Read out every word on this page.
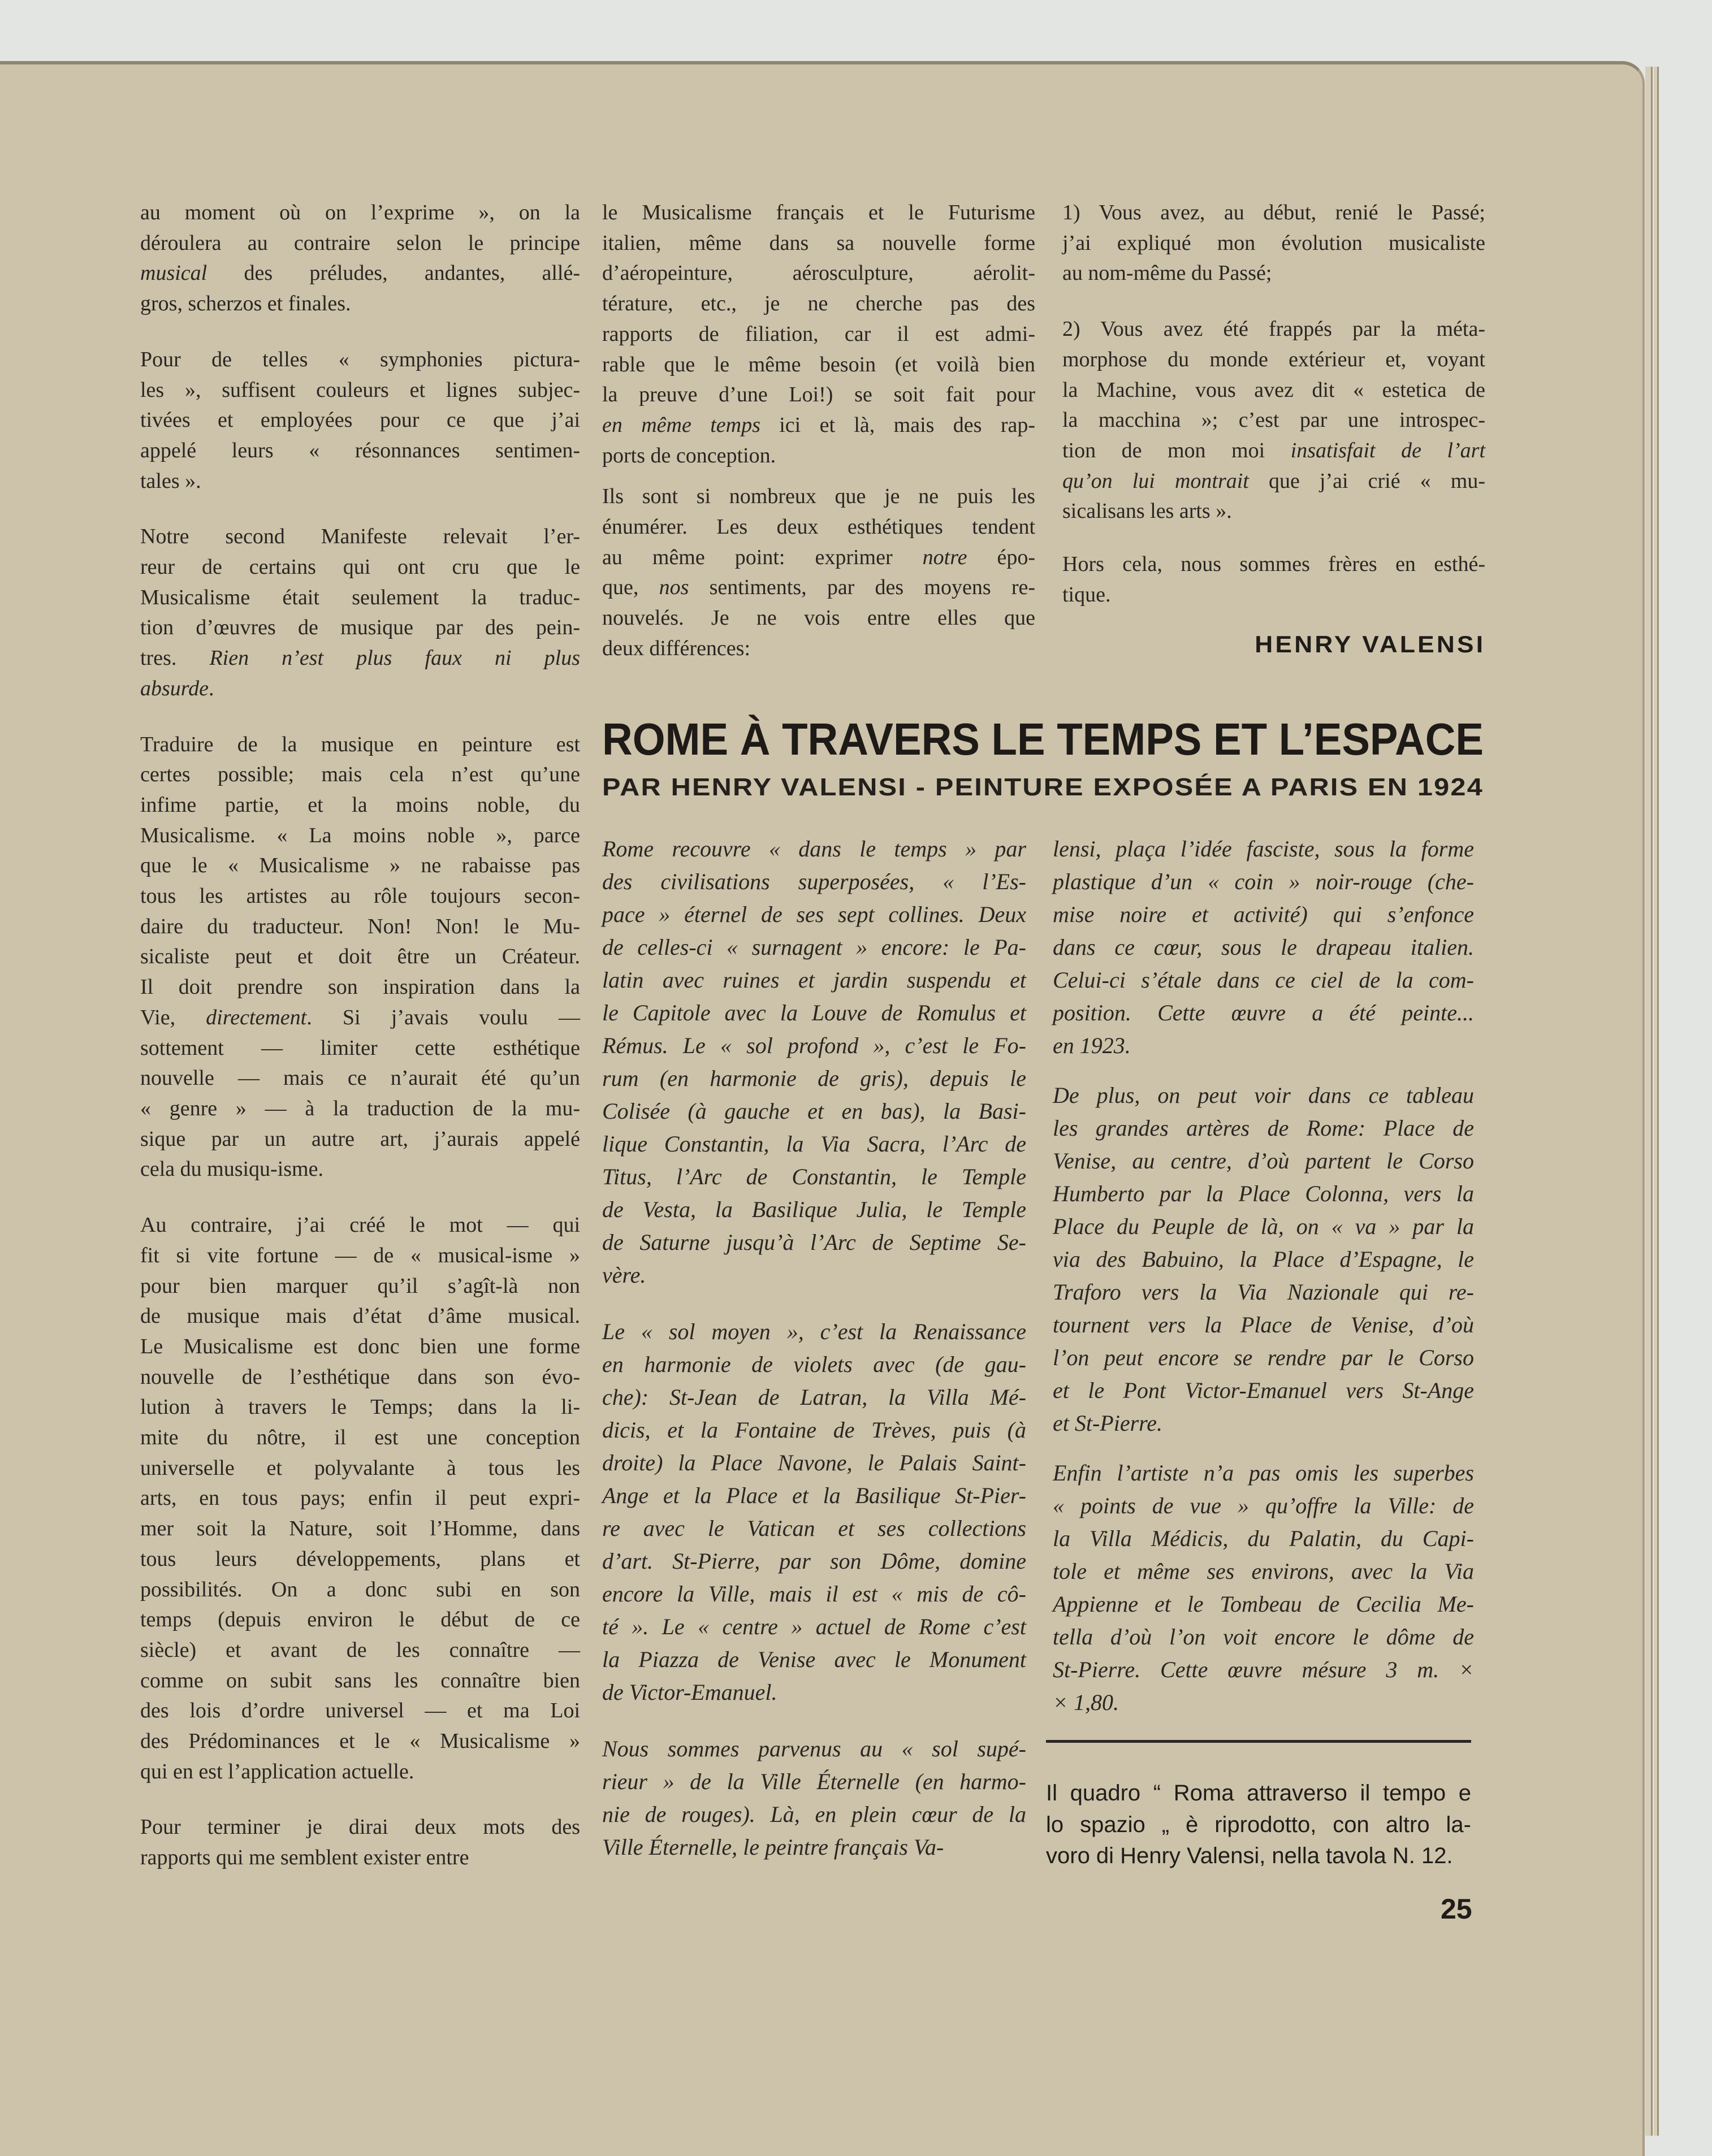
au moment où on l’exprime », on la
déroulera au contraire selon le principe
musical des préludes, andantes, allé-
gros, scherzos et finales.
Pour de telles « symphonies pictura-
les », suffisent couleurs et lignes subjec-
tivées et employées pour ce que j’ai
appelé leurs « résonnances sentimen-
tales ».
Notre second Manifeste relevait l’er-
reur de certains qui ont cru que le
Musicalisme était seulement la traduc-
tion d’œuvres de musique par des pein-
tres. Rien n’est plus faux ni plus
absurde.
Traduire de la musique en peinture est
certes possible; mais cela n’est qu’une
infime partie, et la moins noble, du
Musicalisme. « La moins noble », parce
que le « Musicalisme » ne rabaisse pas
tous les artistes au rôle toujours secon-
daire du traducteur. Non! Non! le Mu-
sicaliste peut et doit être un Créateur.
Il doit prendre son inspiration dans la
Vie, directement. Si j’avais voulu —
sottement — limiter cette esthétique
nouvelle — mais ce n’aurait été qu’un
« genre » — à la traduction de la mu-
sique par un autre art, j’aurais appelé
cela du musiqu-isme.
Au contraire, j’ai créé le mot — qui
fit si vite fortune — de « musical-isme »
pour bien marquer qu’il s’agît-là non
de musique mais d’état d’âme musical.
Le Musicalisme est donc bien une forme
nouvelle de l’esthétique dans son évo-
lution à travers le Temps; dans la li-
mite du nôtre, il est une conception
universelle et polyvalante à tous les
arts, en tous pays; enfin il peut expri-
mer soit la Nature, soit l’Homme, dans
tous leurs développements, plans et
possibilités. On a donc subi en son
temps (depuis environ le début de ce
siècle) et avant de les connaître —
comme on subit sans les connaître bien
des lois d’ordre universel — et ma Loi
des Prédominances et le « Musicalisme »
qui en est l’application actuelle.
Pour terminer je dirai deux mots des
rapports qui me semblent exister entre
le Musicalisme français et le Futurisme
italien, même dans sa nouvelle forme
d’aéropeinture, aérosculpture, aérolit-
térature, etc., je ne cherche pas des
rapports de filiation, car il est admi-
rable que le même besoin (et voilà bien
la preuve d’une Loi!) se soit fait pour
en même temps ici et là, mais des rap-
ports de conception.
Ils sont si nombreux que je ne puis les
énumérer. Les deux esthétiques tendent
au même point: exprimer notre épo-
que, nos sentiments, par des moyens re-
nouvelés. Je ne vois entre elles que
deux différences:
1) Vous avez, au début, renié le Passé;
j’ai expliqué mon évolution musicaliste
au nom-même du Passé;
2) Vous avez été frappés par la méta-
morphose du monde extérieur et, voyant
la Machine, vous avez dit « estetica de
la macchina »; c’est par une introspec-
tion de mon moi insatisfait de l’art
qu’on lui montrait que j’ai crié « mu-
sicalisans les arts ».
Hors cela, nous sommes frères en esthé-
tique.
HENRY VALENSI
ROME À TRAVERS LE TEMPS ET L’ESPACE
PAR HENRY VALENSI - PEINTURE EXPOSÉE A PARIS EN 1924
Rome recouvre « dans le temps » par
des civilisations superposées, « l’Es-
pace » éternel de ses sept collines. Deux
de celles-ci « surnagent » encore: le Pa-
latin avec ruines et jardin suspendu et
le Capitole avec la Louve de Romulus et
Rémus. Le « sol profond », c’est le Fo-
rum (en harmonie de gris), depuis le
Colisée (à gauche et en bas), la Basi-
lique Constantin, la Via Sacra, l’Arc de
Titus, l’Arc de Constantin, le Temple
de Vesta, la Basilique Julia, le Temple
de Saturne jusqu’à l’Arc de Septime Se-
vère.
Le « sol moyen », c’est la Renaissance
en harmonie de violets avec (de gau-
che): St-Jean de Latran, la Villa Mé-
dicis, et la Fontaine de Trèves, puis (à
droite) la Place Navone, le Palais Saint-
Ange et la Place et la Basilique St-Pier-
re avec le Vatican et ses collections
d’art. St-Pierre, par son Dôme, domine
encore la Ville, mais il est « mis de cô-
té ». Le « centre » actuel de Rome c’est
la Piazza de Venise avec le Monument
de Victor-Emanuel.
Nous sommes parvenus au « sol supé-
rieur » de la Ville Éternelle (en harmo-
nie de rouges). Là, en plein cœur de la
Ville Éternelle, le peintre français Va-
lensi, plaça l’idée fasciste, sous la forme
plastique d’un « coin » noir-rouge (che-
mise noire et activité) qui s’enfonce
dans ce cœur, sous le drapeau italien.
Celui-ci s’étale dans ce ciel de la com-
position. Cette œuvre a été peinte...
en 1923.
De plus, on peut voir dans ce tableau
les grandes artères de Rome: Place de
Venise, au centre, d’où partent le Corso
Humberto par la Place Colonna, vers la
Place du Peuple de là, on « va » par la
via des Babuino, la Place d’Espagne, le
Traforo vers la Via Nazionale qui re-
tournent vers la Place de Venise, d’où
l’on peut encore se rendre par le Corso
et le Pont Victor-Emanuel vers St-Ange
et St-Pierre.
Enfin l’artiste n’a pas omis les superbes
« points de vue » qu’offre la Ville: de
la Villa Médicis, du Palatin, du Capi-
tole et même ses environs, avec la Via
Appienne et le Tombeau de Cecilia Me-
tella d’où l’on voit encore le dôme de
St-Pierre. Cette œuvre mésure 3 m. ×
× 1,80.
Il quadro “ Roma attraverso il tempo e
lo spazio „ è riprodotto, con altro la-
voro di Henry Valensi, nella tavola N. 12.
25
